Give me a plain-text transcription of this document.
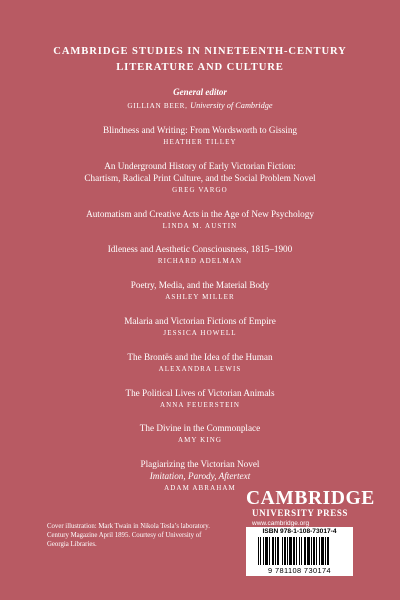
CAMBRIDGE STUDIES IN NINETEENTH-CENTURY
LITERATURE AND CULTURE
General editor
GILLIAN BEER, University of Cambridge
Blindness and Writing: From Wordsworth to Gissing
HEATHER TILLEY
An Underground History of Early Victorian Fiction:
Chartism, Radical Print Culture, and the Social Problem Novel
GREG VARGO
Automatism and Creative Acts in the Age of New Psychology
LINDA M. AUSTIN
Idleness and Aesthetic Consciousness, 1815–1900
RICHARD ADELMAN
Poetry, Media, and the Material Body
ASHLEY MILLER
Malaria and Victorian Fictions of Empire
JESSICA HOWELL
The Brontës and the Idea of the Human
ALEXANDRA LEWIS
The Political Lives of Victorian Animals
ANNA FEUERSTEIN
The Divine in the Commonplace
AMY KING
Plagiarizing the Victorian Novel
Imitation, Parody, Aftertext
ADAM ABRAHAM CAMBRIDGE
UNIVERSITY PRESS
www.cambridge.org
Cover illustration: Mark Twain in Nikola Tesla’s laboratory.
Century Magazine April 1895. Courtesy of University of
Georgia Libraries.
ISBN 978-1-108-73017-4
9 781108 730174
